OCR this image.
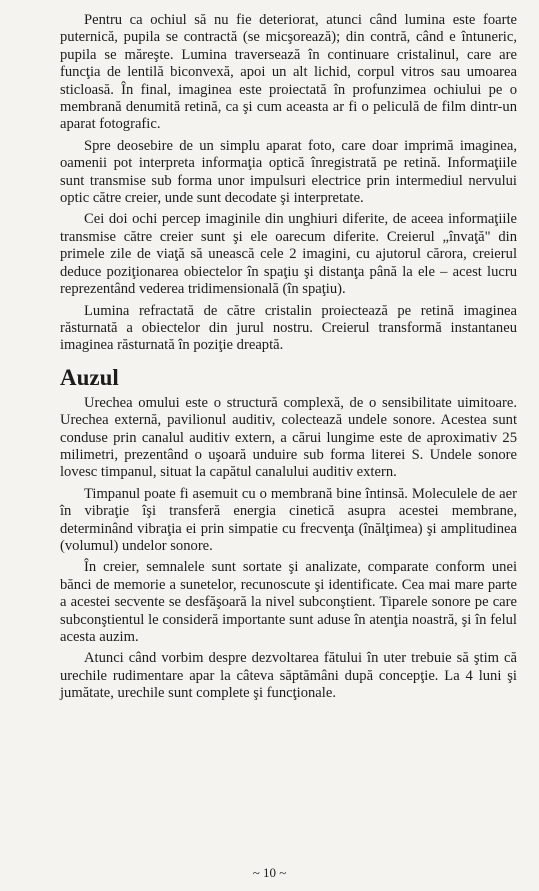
Pentru ca ochiul să nu fie deteriorat, atunci când lumina este foarte puternică, pupila se contractă (se micşorează); din contră, când e întuneric, pupila se măreşte. Lumina traversează în continuare cristalinul, care are funcţia de lentilă biconvexă, apoi un alt lichid, corpul vitros sau umoarea sticloasă. În final, imaginea este proiectată în profunzimea ochiului pe o membrană denumită retină, ca şi cum aceasta ar fi o peliculă de film dintr-un aparat fotografic.

Spre deosebire de un simplu aparat foto, care doar imprimă imaginea, oamenii pot interpreta informaţia optică înregistrată pe retină. Informaţiile sunt transmise sub forma unor impulsuri electrice prin intermediul nervului optic către creier, unde sunt decodate şi interpretate.

Cei doi ochi percep imaginile din unghiuri diferite, de aceea informaţiile transmise către creier sunt şi ele oarecum diferite. Creierul „învaţă" din primele zile de viaţă să unească cele 2 imagini, cu ajutorul cărora, creierul deduce poziţionarea obiectelor în spaţiu şi distanţa până la ele – acest lucru reprezentând vederea tridimensională (în spaţiu).

Lumina refractată de către cristalin proiectează pe retină imaginea răsturnată a obiectelor din jurul nostru. Creierul transformă instantaneu imaginea răsturnată în poziţie dreaptă.

Auzul

Urechea omului este o structură complexă, de o sensibilitate uimitoare. Urechea externă, pavilionul auditiv, colectează undele sonore. Acestea sunt conduse prin canalul auditiv extern, a cărui lungime este de aproximativ 25 milimetri, prezentând o uşoară unduire sub forma literei S. Undele sonore lovesc timpanul, situat la capătul canalului auditiv extern.

Timpanul poate fi asemuit cu o membrană bine întinsă. Moleculele de aer în vibraţie îşi transferă energia cinetică asupra acestei membrane, determinând vibraţia ei prin simpatie cu frecvenţa (înălţimea) şi amplitudinea (volumul) undelor sonore.

În creier, semnalele sunt sortate şi analizate, comparate conform unei bănci de memorie a sunetelor, recunoscute şi identificate. Cea mai mare parte a acestei secvente se desfăşoară la nivel subconştient. Tiparele sonore pe care subconştientul le consideră importante sunt aduse în atenţia noastră, şi în felul acesta auzim.

Atunci când vorbim despre dezvoltarea fătului în uter trebuie să ştim că urechile rudimentare apar la câteva săptămâni după concepţie. La 4 luni şi jumătate, urechile sunt complete şi funcţionale.

~ 10 ~
